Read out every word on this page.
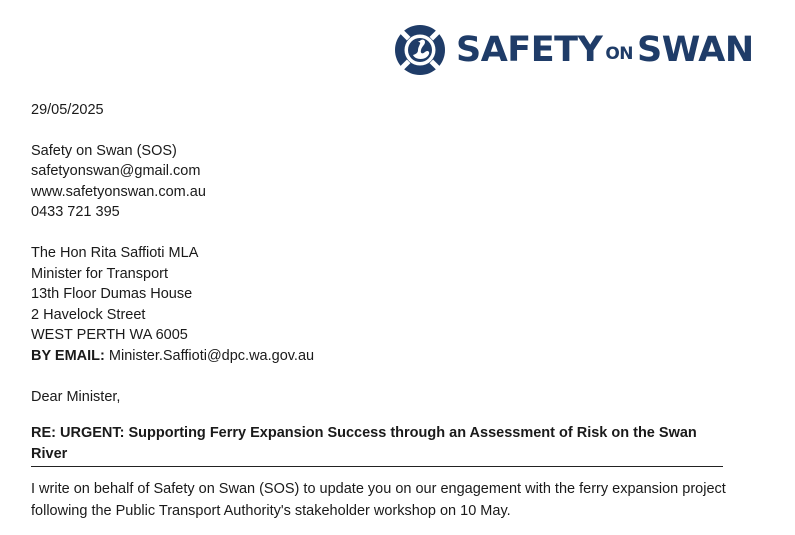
SAFETY ON SWAN
29/05/2025
Safety on Swan (SOS)
safetyonswan@gmail.com
www.safetyonswan.com.au
0433 721 395
The Hon Rita Saffioti MLA
Minister for Transport
13th Floor Dumas House
2 Havelock Street
WEST PERTH WA 6005
BY EMAIL: Minister.Saffioti@dpc.wa.gov.au
Dear Minister,
RE: URGENT: Supporting Ferry Expansion Success through an Assessment of Risk on the Swan River
I write on behalf of Safety on Swan (SOS) to update you on our engagement with the ferry expansion project following the Public Transport Authority's stakeholder workshop on 10 May.
